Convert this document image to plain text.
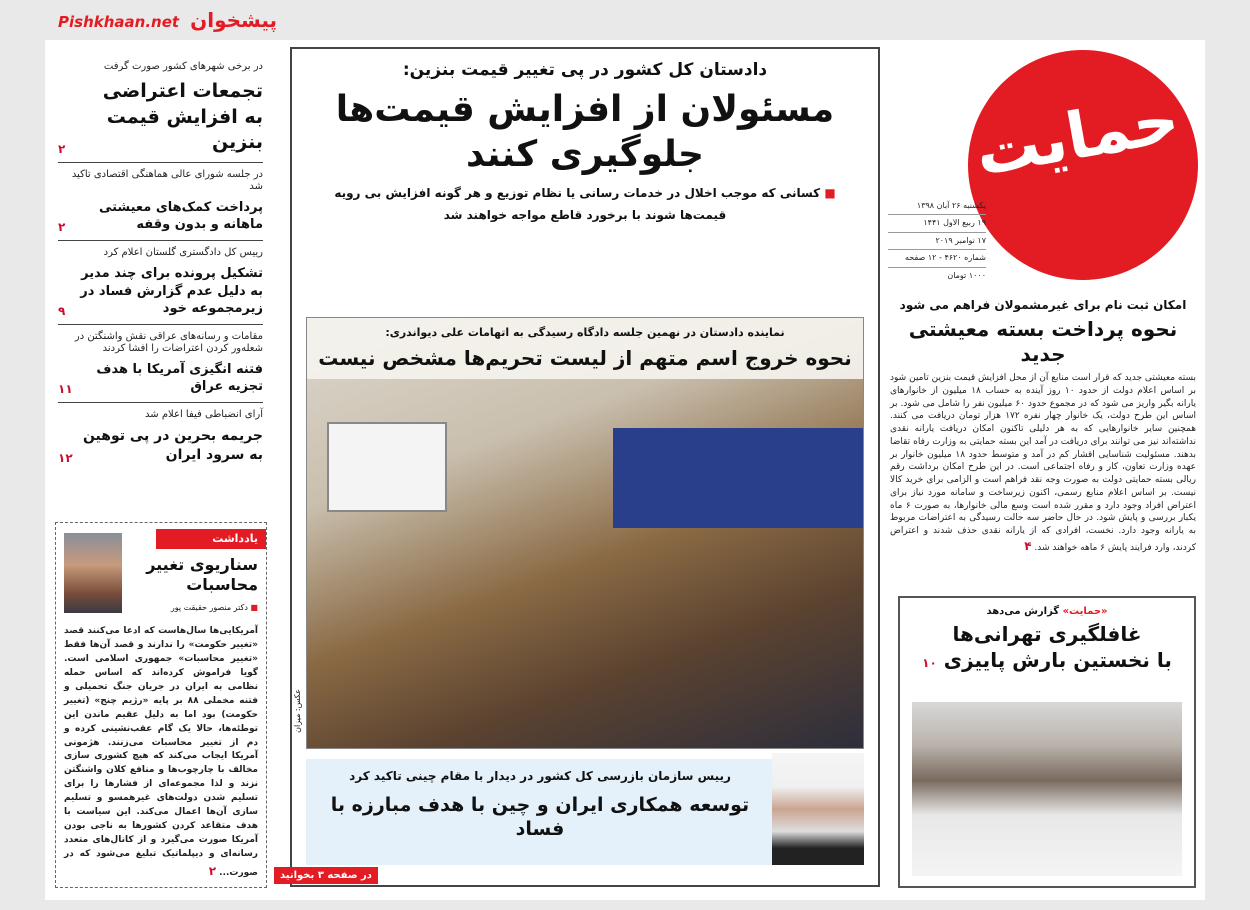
پیشخوان Pishkhaan.net
در برخی شهرهای کشور صورت گرفت
تجمعات اعتراضی به افزایش قیمت بنزین
۲
در جلسه شورای عالی هماهنگی اقتصادی تاکید شد
پرداخت کمک‌های معیشتی ماهانه و بدون وقفه
۲
رییس کل دادگستری گلستان اعلام کرد
تشکیل پرونده برای چند مدیر به دلیل عدم گزارش فساد در زیرمجموعه خود
۹
مقامات و رسانه‌های عراقی نقش واشنگتن در شعله‌ور کردن اعتراضات را افشا کردند
فتنه انگیزی آمریکا با هدف تجزیه عراق
۱۱
آرای انضباطی فیفا اعلام شد
جریمه بحرین در پی توهین به سرود ایران
۱۲
یادداشت
سناریوی تغییر محاسبات
■ دکتر منصور حقیقت پور
آمریکایی‌ها سال‌هاست که ادعا می‌کنند قصد «تغییر حکومت» را ندارند و قصد آن‌ها فقط «تغییر محاسبات» جمهوری اسلامی است. گویا فراموش کرده‌اند که اساس حمله نظامی به ایران در جریان جنگ تحمیلی و فتنه مخملی ۸۸ بر پایه «رژیم چنج» (تغییر حکومت) بود اما به دلیل عقیم ماندن این توطئه‌ها، حالا یک گام عقب‌نشینی کرده و دم از تغییر محاسبات می‌زنند. هژمونی آمریکا ایجاب می‌کند که هیچ کشوری سازی مخالف با چارچوب‌ها و منافع کلان واشنگتن نزند و لذا مجموعه‌ای از فشارها را برای تسلیم شدن دولت‌های غیرهمسو و تسلیم سازی آن‌ها اعمال می‌کند. این سیاست با هدف متقاعد کردن کشورها به ناجی بودن آمریکا صورت می‌گیرد و از کانال‌های متعدد رسانه‌ای و دیپلماتیک تبلیغ می‌شود که در صورت... ۲
دادستان کل کشور در پی تغییر قیمت بنزین:
مسئولان از افزایش قیمت‌ها جلوگیری کنند
■ کسانی که موجب اخلال در خدمات رسانی یا نظام توزیع و هر گونه افزایش بی رویه قیمت‌ها شوند با برخورد قاطع مواجه خواهند شد
نماینده دادستان در نهمین جلسه دادگاه رسیدگی به اتهامات علی دیواندری:
نحوه خروج اسم متهم از لیست تحریم‌ها مشخص نیست
عکس: میزان
رییس سازمان بازرسی کل کشور در دیدار با مقام چینی تاکید کرد
توسعه همکاری ایران و چین با هدف مبارزه با فساد
در صفحه ۳ بخوانید
حمایت
یکشنبه ۲۶ آبان ۱۳۹۸
۱۹ ربیع الاول ۱۴۴۱
۱۷ نوامبر ۲۰۱۹
شماره ۴۶۲۰ - ۱۲ صفحه
۱۰۰۰ تومان
امکان ثبت نام برای غیرمشمولان فراهم می شود
نحوه پرداخت بسته معیشتی جدید
بسته معیشتی جدید که قرار است منابع آن از محل افزایش قیمت بنزین تامین شود بر اساس اعلام دولت از حدود ۱۰ روز آینده به حساب ۱۸ میلیون از خانوارهای یارانه بگیر واریز می شود که در مجموع حدود ۶۰ میلیون نفر را شامل می شود. بر اساس این طرح دولت، یک خانوار چهار نفره ۱۷۲ هزار تومان دریافت می کنند. همچنین سایر خانوارهایی که به هر دلیلی تاکنون امکان دریافت یارانه نقدی نداشته‌اند نیز می توانند برای دریافت در آمد این بسته حمایتی به وزارت رفاه تقاضا بدهند. مسئولیت شناسایی اقشار کم در آمد و متوسط حدود ۱۸ میلیون خانوار بر عهده وزارت تعاون، کار و رفاه اجتماعی است. در این طرح امکان برداشت رقم ریالی بسته حمایتی دولت به صورت وجه نقد فراهم است و الزامی برای خرید کالا نیست. بر اساس اعلام منابع رسمی، اکنون زیرساخت و سامانه مورد نیاز برای اعتراض افراد وجود دارد و مقرر شده است وسع مالی خانوارها، به صورت ۶ ماه یکبار بررسی و پایش شود. در حال حاضر سه حالت رسیدگی به اعتراضات مربوط به یارانه وجود دارد. نخست، افرادی که از یارانه نقدی حذف شدند و اعتراض کردند، وارد فرایند پایش ۶ ماهه خواهند شد. ۴
«حمایت» گزارش می‌دهد
غافلگیری تهرانی‌ها
با نخستین بارش پاییزی ۱۰
